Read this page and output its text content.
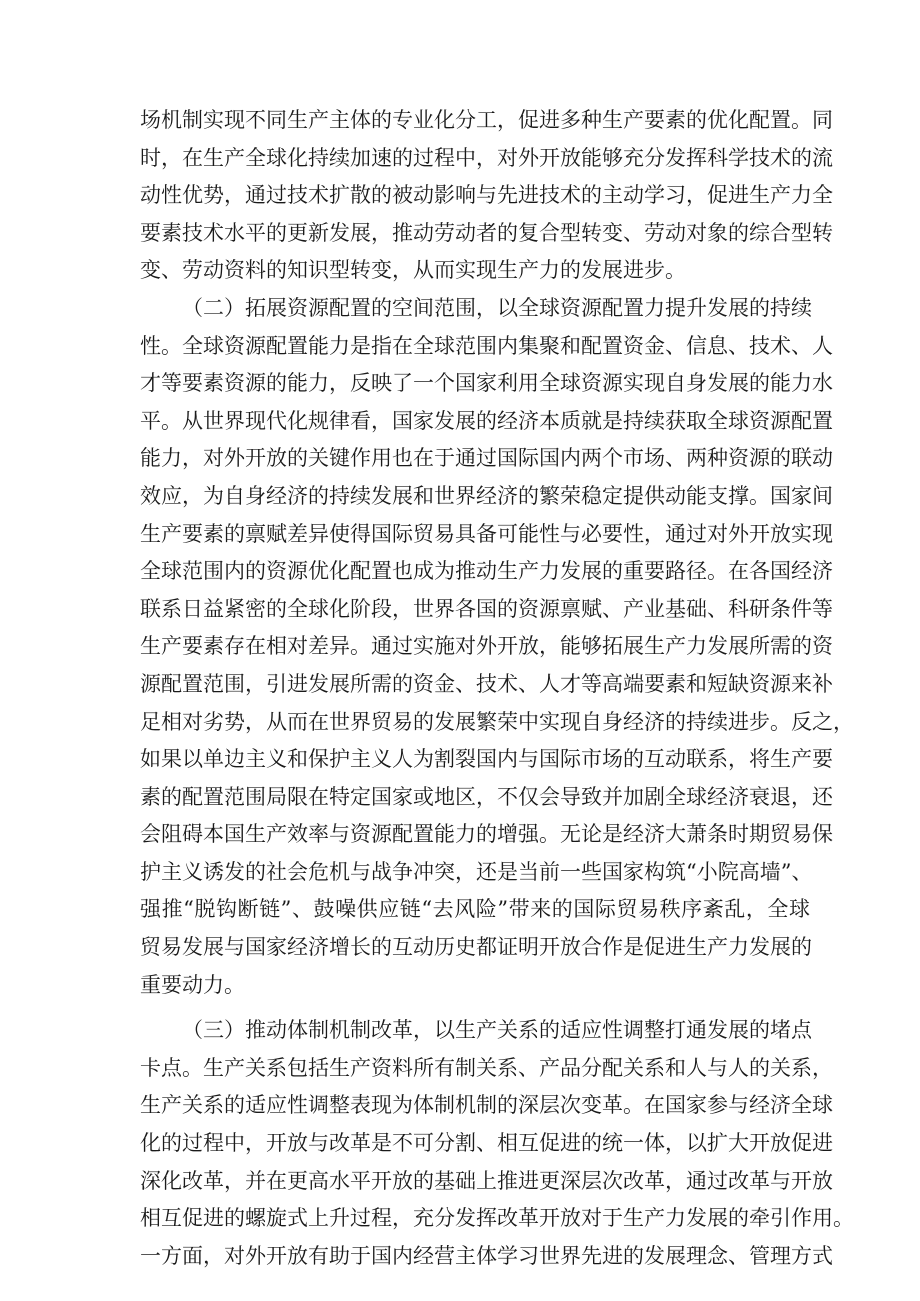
场机制实现不同生产主体的专业化分工，促进多种生产要素的优化配置。同
时，在生产全球化持续加速的过程中，对外开放能够充分发挥科学技术的流
动性优势，通过技术扩散的被动影响与先进技术的主动学习，促进生产力全
要素技术水平的更新发展，推动劳动者的复合型转变、劳动对象的综合型转
变、劳动资料的知识型转变，从而实现生产力的发展进步。
（二）拓展资源配置的空间范围，以全球资源配置力提升发展的持续
性。全球资源配置能力是指在全球范围内集聚和配置资金、信息、技术、人
才等要素资源的能力，反映了一个国家利用全球资源实现自身发展的能力水
平。从世界现代化规律看，国家发展的经济本质就是持续获取全球资源配置
能力，对外开放的关键作用也在于通过国际国内两个市场、两种资源的联动
效应，为自身经济的持续发展和世界经济的繁荣稳定提供动能支撑。国家间
生产要素的禀赋差异使得国际贸易具备可能性与必要性，通过对外开放实现
全球范围内的资源优化配置也成为推动生产力发展的重要路径。在各国经济
联系日益紧密的全球化阶段，世界各国的资源禀赋、产业基础、科研条件等
生产要素存在相对差异。通过实施对外开放，能够拓展生产力发展所需的资
源配置范围，引进发展所需的资金、技术、人才等高端要素和短缺资源来补
足相对劣势，从而在世界贸易的发展繁荣中实现自身经济的持续进步。反之，
如果以单边主义和保护主义人为割裂国内与国际市场的互动联系，将生产要
素的配置范围局限在特定国家或地区，不仅会导致并加剧全球经济衰退，还
会阻碍本国生产效率与资源配置能力的增强。无论是经济大萧条时期贸易保
护主义诱发的社会危机与战争冲突，还是当前一些国家构筑“小院高墙”、
强推“脱钩断链”、鼓噪供应链“去风险”带来的国际贸易秩序紊乱，全球
贸易发展与国家经济增长的互动历史都证明开放合作是促进生产力发展的
重要动力。
（三）推动体制机制改革，以生产关系的适应性调整打通发展的堵点
卡点。生产关系包括生产资料所有制关系、产品分配关系和人与人的关系，
生产关系的适应性调整表现为体制机制的深层次变革。在国家参与经济全球
化的过程中，开放与改革是不可分割、相互促进的统一体，以扩大开放促进
深化改革，并在更高水平开放的基础上推进更深层次改革，通过改革与开放
相互促进的螺旋式上升过程，充分发挥改革开放对于生产力发展的牵引作用。
一方面，对外开放有助于国内经营主体学习世界先进的发展理念、管理方式
